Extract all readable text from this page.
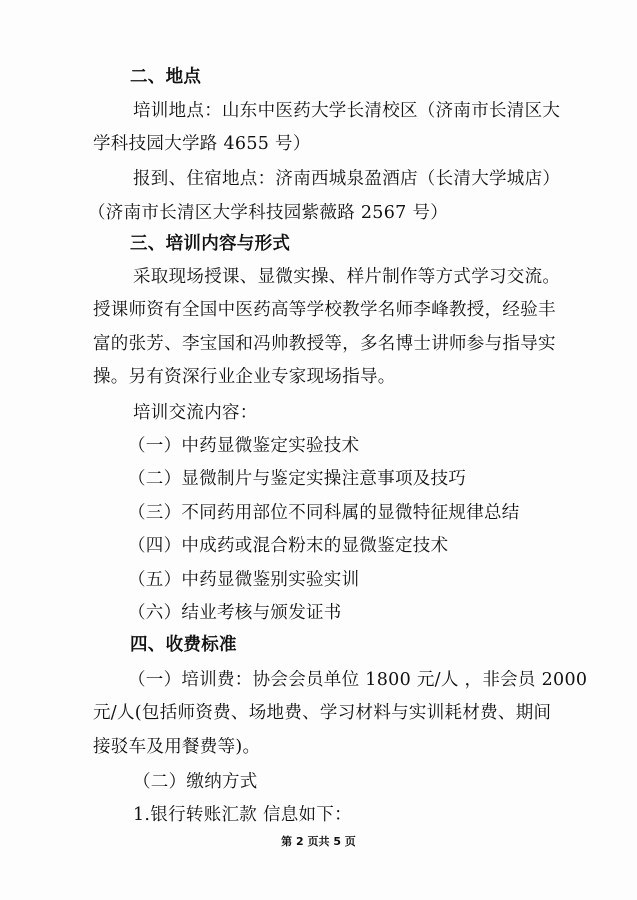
二、地点
培训地点：山东中医药大学长清校区（济南市长清区大
学科技园大学路 4655 号）
报到、住宿地点：济南西城泉盈酒店（长清大学城店）
（济南市长清区大学科技园紫薇路 2567 号）
三、培训内容与形式
采取现场授课、显微实操、样片制作等方式学习交流。
授课师资有全国中医药高等学校教学名师李峰教授，经验丰
富的张芳、李宝国和冯帅教授等，多名博士讲师参与指导实
操。另有资深行业企业专家现场指导。
培训交流内容：
（一）中药显微鉴定实验技术
（二）显微制片与鉴定实操注意事项及技巧
（三）不同药用部位不同科属的显微特征规律总结
（四）中成药或混合粉末的显微鉴定技术
（五）中药显微鉴别实验实训
（六）结业考核与颁发证书
四、收费标准
（一）培训费：协会会员单位 1800 元/人 ，非会员 2000
元/人(包括师资费、场地费、学习材料与实训耗材费、期间
接驳车及用餐费等)。
（二）缴纳方式
1.银行转账汇款 信息如下：
第 2 页共 5 页
